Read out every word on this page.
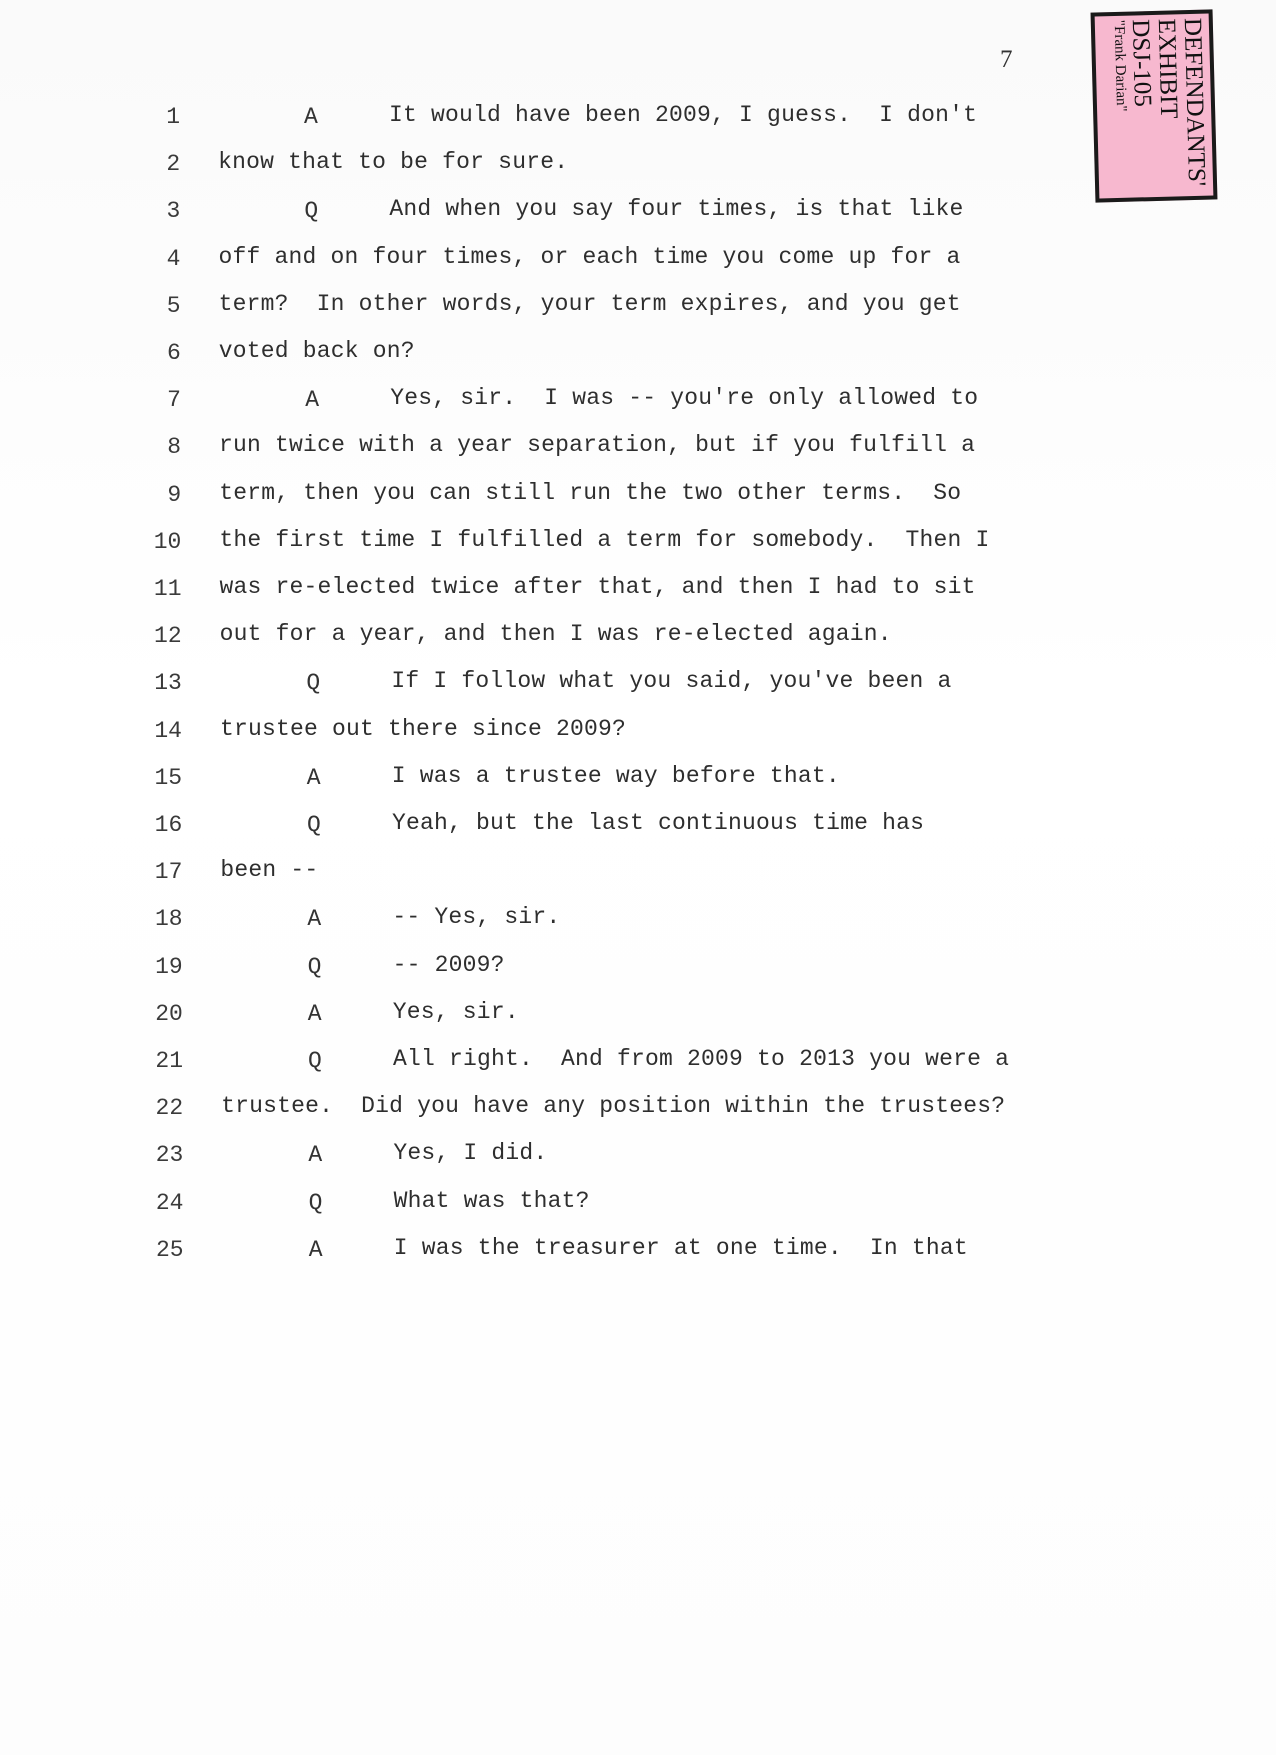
7	DEFENDANTS'
EXHIBIT
DSJ-105
"Frank Darian"
1	A	It would have been 2009, I guess.  I don't
2 know that to be for sure.
3	Q	And when you say four times, is that like
4 off and on four times, or each time you come up for a
5 term?  In other words, your term expires, and you get
6 voted back on?
7	A	Yes, sir.  I was -- you're only allowed to
8 run twice with a year separation, but if you fulfill a
9 term, then you can still run the two other terms.  So
10 the first time I fulfilled a term for somebody.  Then I
11 was re-elected twice after that, and then I had to sit
12 out for a year, and then I was re-elected again.
13	Q	If I follow what you said, you've been a
14 trustee out there since 2009?
15	A	I was a trustee way before that.
16	Q	Yeah, but the last continuous time has
17 been --
18	A	-- Yes, sir.
19	Q	-- 2009?
20	A	Yes, sir.
21	Q	All right.  And from 2009 to 2013 you were a
22 trustee.  Did you have any position within the trustees?
23	A	Yes, I did.
24	Q	What was that?
25	A	I was the treasurer at one time.  In that
